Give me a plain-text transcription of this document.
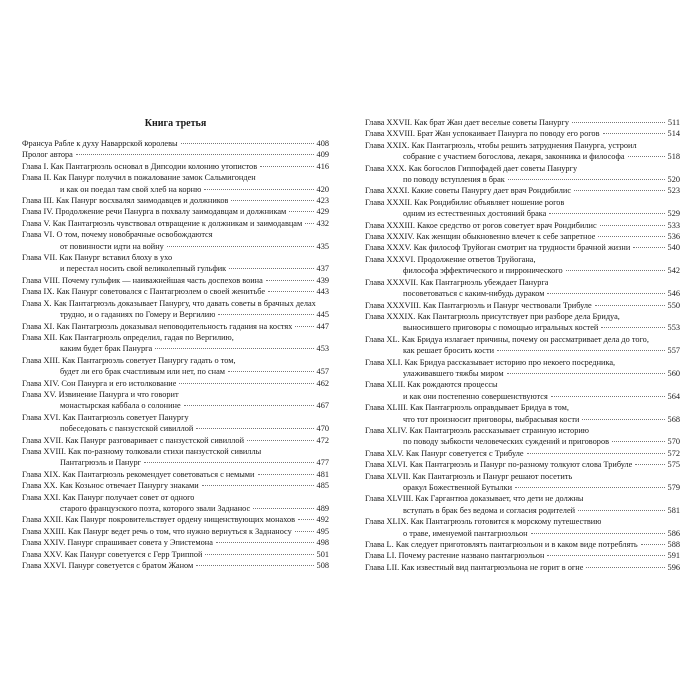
Книга третья
Франсуа Рабле к духу Наваррской королевы	408
Пролог автора	409
Глава I. Как Пантагрюэль основал в Дипсодии колонию утопистов	416
Глава II. Как Панург получил в пожалование замок Сальмигонден
и как он поедал там свой хлеб на корню	420
Глава III. Как Панург восхвалял заимодавцев и должников	423
Глава IV. Продолжение речи Панурга в похвалу заимодавцам и должникам	429
Глава V. Как Пантагрюэль чувствовал отвращение к должникам и заимодавцам 432
Глава VI. О том, почему новобрачные освобождаются
от повинности идти на войну	435
Глава VII. Как Панург вставил блоху в ухо
и перестал носить свой великолепный гульфик	437
Глава VIII. Почему гульфик — наиважнейшая часть доспехов воина	439
Глава IX. Как Панург советовался с Пантагрюэлем о своей женитьбе	443
Глава X. Как Пантагрюэль доказывает Панургу, что давать советы в брачных делах
трудно, и о гаданиях по Гомеру и Вергилию	445
Глава XI. Как Пантагрюэль доказывал неповодительность гадания на костях	447
Глава XII. Как Пантагрюэль определил, гадая по Вергилию,
каким будет брак Панурга	453
Глава XIII. Как Пантагрюэль советует Панургу гадать о том,
будет ли его брак счастливым или нет, по снам	457
Глава XIV. Сон Панурга и его истолкование	462
Глава XV. Извинение Панурга и что говорит
монастырская каббала о солонине	467
Глава XVI. Как Пантагрюэль советует Панургу
побеседовать с панзустской сивиллой	470
Глава XVII. Как Панург разговаривает с панзустской сивиллой	472
Глава XVIII. Как по-разному толковали стихи панзустской сивиллы
Пантагрюэль и Панург	477
Глава XIX. Как Пантагрюэль рекомендует советоваться с немыми	481
Глава XX. Как Козьнос отвечает Панургу знаками	485
Глава XXI. Как Панург получает совет от одного
старого французского поэта, которого звали Заднанос	489
Глава XXII. Как Панург покровительствует ордену нищенствующих монахов	492
Глава XXIII. Как Панург ведет речь о том, что нужно вернуться к Заднаносу	495
Глава XXIV. Панург спрашивает совета у Эпистемона	498
Глава XXV. Как Панург советуется с Герр Триппой	501
Глава XXVI. Панург советуется с братом Жаном	508
Глава XXVII. Как брат Жан дает веселые советы Панургу	511
Глава XXVIII. Брат Жан успокаивает Панурга по поводу его рогов	514
Глава XXIX. Как Пантагрюэль, чтобы решить затруднения Панурга, устроил
собрание с участием богослова, лекаря, законника и философа	518
Глава XXX. Как богослов Гиппофадей дает советы Панургу
по поводу вступления в брак	520
Глава XXXI. Какие советы Панургу дает врач Рондибилис	523
Глава XXXII. Как Рондибилис объявляет ношение рогов
одним из естественных достояний брака	529
Глава XXXIII. Какое средство от рогов советует врач Рондибилис	533
Глава XXXIV. Как женщин обыкновенно влечет к себе запретное	536
Глава XXXV. Как философ Труйоган смотрит на трудности брачной жизни	540
Глава XXXVI. Продолжение ответов Труйогана,
философа эффектического и пирронического	542
Глава XXXVII. Как Пантагрюэль убеждает Панурга
посоветоваться с каким-нибудь дураком	546
Глава XXXVIII. Как Пантагрюэль и Панург чествовали Трибуле	550
Глава XXXIX. Как Пантагрюэль присутствует при разборе дела Бридуа,
выносившего приговоры с помощью игральных костей	553
Глава XL. Как Бридуа излагает причины, почему он рассматривает дела до того,
как решает бросить кости	557
Глава XLI. Как Бридуа рассказывает историю про некоего посредника,
улаживавшего тяжбы миром	560
Глава XLII. Как рождаются процессы
и как они постепенно совершенствуются	564
Глава XLIII. Как Пантагрюэль оправдывает Бридуа в том,
что тот произносит приговоры, выбрасывая кости	568
Глава XLIV. Как Пантагрюэль рассказывает странную историю
по поводу зыбкости человеческих суждений и приговоров	570
Глава XLV. Как Панург советуется с Трибуле	572
Глава XLVI. Как Пантагрюэль и Панург по-разному толкуют слова Трибуле	575
Глава XLVII. Как Пантагрюэль и Панург решают посетить
оракул Божественной Бутылки	579
Глава XLVIII. Как Гаргантюа доказывает, что дети не должны
вступать в брак без ведома и согласия родителей	581
Глава XLIX. Как Пантагрюэль готовится к морскому путешествию
о траве, именуемой пантагрюэльон	586
Глава L. Как следует приготовлять пантагрюэльон и в каком виде потреблять	588
Глава LI. Почему растение названо пантагрюэльон	591
Глава LII. Как известный вид пантагрюэльона не горит в огне	596
